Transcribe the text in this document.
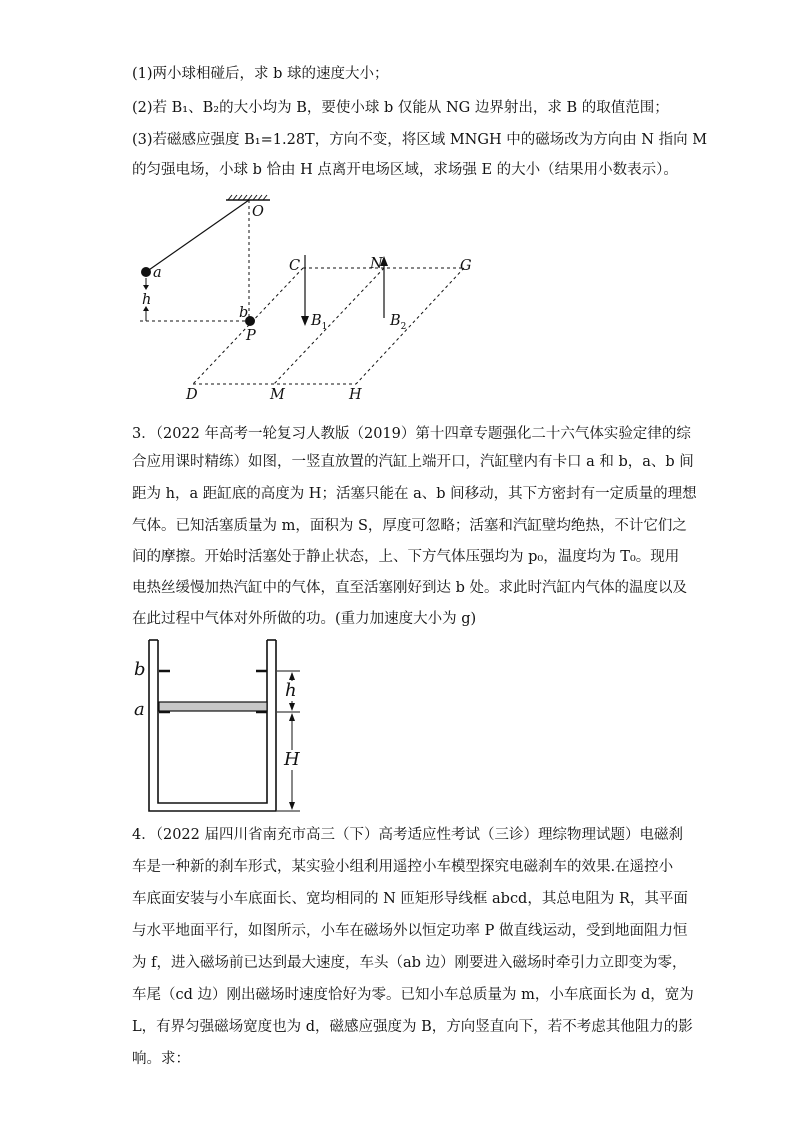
(1)两小球相碰后，求 b 球的速度大小；
(2)若 B₁、B₂的大小均为 B，要使小球 b 仅能从 NG 边界射出，求 B 的取值范围；
(3)若磁感应强度 B₁=1.28T，方向不变，将区域 MNGH 中的磁场改为方向由 N 指向 M
的匀强电场，小球 b 恰由 H 点离开电场区域，求场强 E 的大小（结果用小数表示）。
O
a
h
b
P
C	N	G
D	M	H
$B_1$	$B_2$
3．（2022 年高考一轮复习人教版（2019）第十四章专题强化二十六气体实验定律的综
合应用课时精练）如图，一竖直放置的汽缸上端开口，汽缸壁内有卡口 a 和 b，a、b 间
距为 h，a 距缸底的高度为 H；活塞只能在 a、b 间移动，其下方密封有一定质量的理想
气体。已知活塞质量为 m，面积为 S，厚度可忽略；活塞和汽缸壁均绝热，不计它们之
间的摩擦。开始时活塞处于静止状态，上、下方气体压强均为 p₀，温度均为 T₀。现用
电热丝缓慢加热汽缸中的气体，直至活塞刚好到达 b 处。求此时汽缸内气体的温度以及
在此过程中气体对外所做的功。(重力加速度大小为 g)
b
a
h
H
4．（2022 届四川省南充市高三（下）高考适应性考试（三诊）理综物理试题）电磁刹
车是一种新的刹车形式，某实验小组利用遥控小车模型探究电磁刹车的效果.在遥控小
车底面安装与小车底面长、宽均相同的 N 匝矩形导线框 abcd，其总电阻为 R，其平面
与水平地面平行，如图所示，小车在磁场外以恒定功率 P 做直线运动，受到地面阻力恒
为 f，进入磁场前已达到最大速度，车头（ab 边）刚要进入磁场时牵引力立即变为零，
车尾（cd 边）刚出磁场时速度恰好为零。已知小车总质量为 m，小车底面长为 d，宽为
L，有界匀强磁场宽度也为 d，磁感应强度为 B，方向竖直向下，若不考虑其他阻力的影
响。求：
